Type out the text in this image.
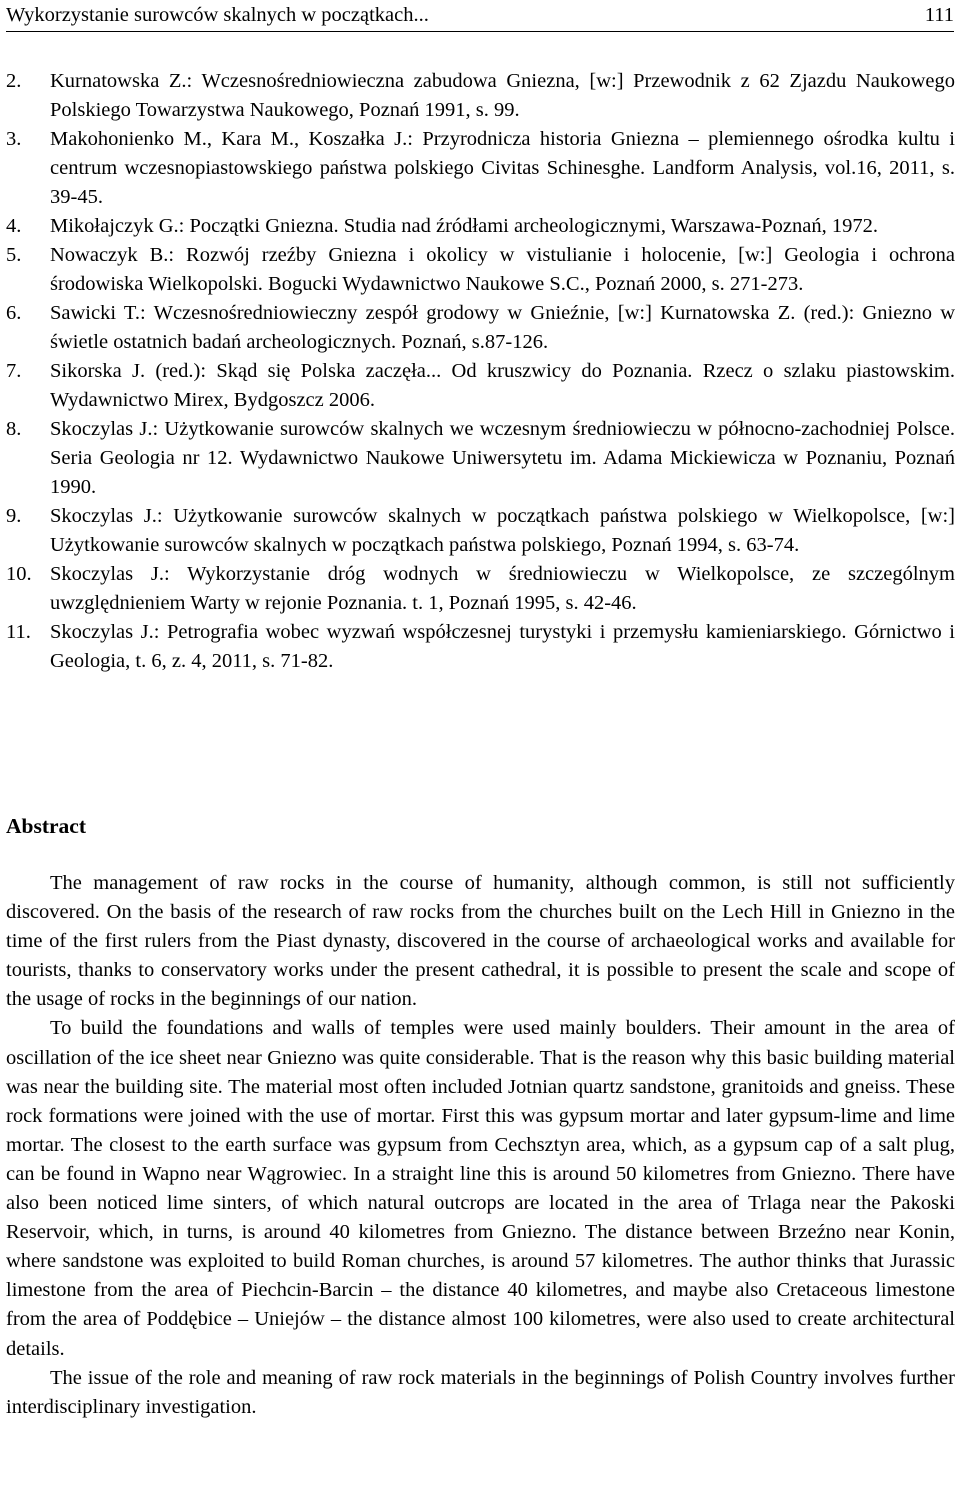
Wykorzystanie surowców skalnych w początkach...	111
2.	Kurnatowska Z.: Wczesnośredniowieczna zabudowa Gniezna, [w:] Przewodnik z 62 Zjazdu Naukowego Polskiego Towarzystwa Naukowego, Poznań 1991, s. 99.
3.	Makohonienko M., Kara M., Koszałka J.: Przyrodnicza historia Gniezna – plemiennego ośrodka kultu i centrum wczesnopiastowskiego państwa polskiego Civitas Schinesghe. Landform Analysis, vol.16, 2011, s. 39-45.
4.	Mikołajczyk G.: Początki Gniezna. Studia nad źródłami archeologicznymi, Warszawa-Poznań, 1972.
5.	Nowaczyk B.: Rozwój rzeźby Gniezna i okolicy w vistulianie i holocenie, [w:] Geologia i ochrona środowiska Wielkopolski. Bogucki Wydawnictwo Naukowe S.C., Poznań 2000, s. 271-273.
6.	Sawicki T.: Wczesnośredniowieczny zespół grodowy w Gnieźnie, [w:] Kurnatowska Z. (red.): Gniezno w świetle ostatnich badań archeologicznych. Poznań, s.87-126.
7.	Sikorska J. (red.): Skąd się Polska zaczęła... Od kruszwicy do Poznania. Rzecz o szlaku piastowskim. Wydawnictwo Mirex, Bydgoszcz 2006.
8.	Skoczylas J.: Użytkowanie surowców skalnych we wczesnym średniowieczu w północno-zachodniej Polsce. Seria Geologia nr 12. Wydawnictwo Naukowe Uniwersytetu im. Adama Mickiewicza w Poznaniu, Poznań 1990.
9.	Skoczylas J.: Użytkowanie surowców skalnych w początkach państwa polskiego w Wielkopolsce, [w:] Użytkowanie surowców skalnych w początkach państwa polskiego, Poznań 1994, s. 63-74.
10. Skoczylas J.: Wykorzystanie dróg wodnych w średniowieczu w Wielkopolsce, ze szczególnym uwzględnieniem Warty w rejonie Poznania. t. 1, Poznań 1995, s. 42-46.
11. Skoczylas J.: Petrografia wobec wyzwań współczesnej turystyki i przemysłu kamieniarskiego. Górnictwo i Geologia, t. 6, z. 4, 2011, s. 71-82.
Abstract

The management of raw rocks in the course of humanity, although common, is still not sufficiently discovered. On the basis of the research of raw rocks from the churches built on the Lech Hill in Gniezno in the time of the first rulers from the Piast dynasty, discovered in the course of archaeological works and available for tourists, thanks to conservatory works under the present cathedral, it is possible to present the scale and scope of the usage of rocks in the beginnings of our nation.

To build the foundations and walls of temples were used mainly boulders. Their amount in the area of oscillation of the ice sheet near Gniezno was quite considerable. That is the reason why this basic building material was near the building site. The material most often included Jotnian quartz sandstone, granitoids and gneiss. These rock formations were joined with the use of mortar. First this was gypsum mortar and later gypsum-lime and lime mortar. The closest to the earth surface was gypsum from Cechsztyn area, which, as a gypsum cap of a salt plug, can be found in Wapno near Wągrowiec. In a straight line this is around 50 kilometres from Gniezno. There have also been noticed lime sinters, of which natural outcrops are located in the area of Trlaga near the Pakoski Reservoir, which, in turns, is around 40 kilometres from Gniezno. The distance between Brzeźno near Konin, where sandstone was exploited to build Roman churches, is around 57 kilometres. The author thinks that Jurassic limestone from the area of Piechcin-Barcin – the distance 40 kilometres, and maybe also Cretaceous limestone from the area of Poddębice – Uniejów – the distance almost 100 kilometres, were also used to create architectural details.

The issue of the role and meaning of raw rock materials in the beginnings of Polish Country involves further interdisciplinary investigation.
